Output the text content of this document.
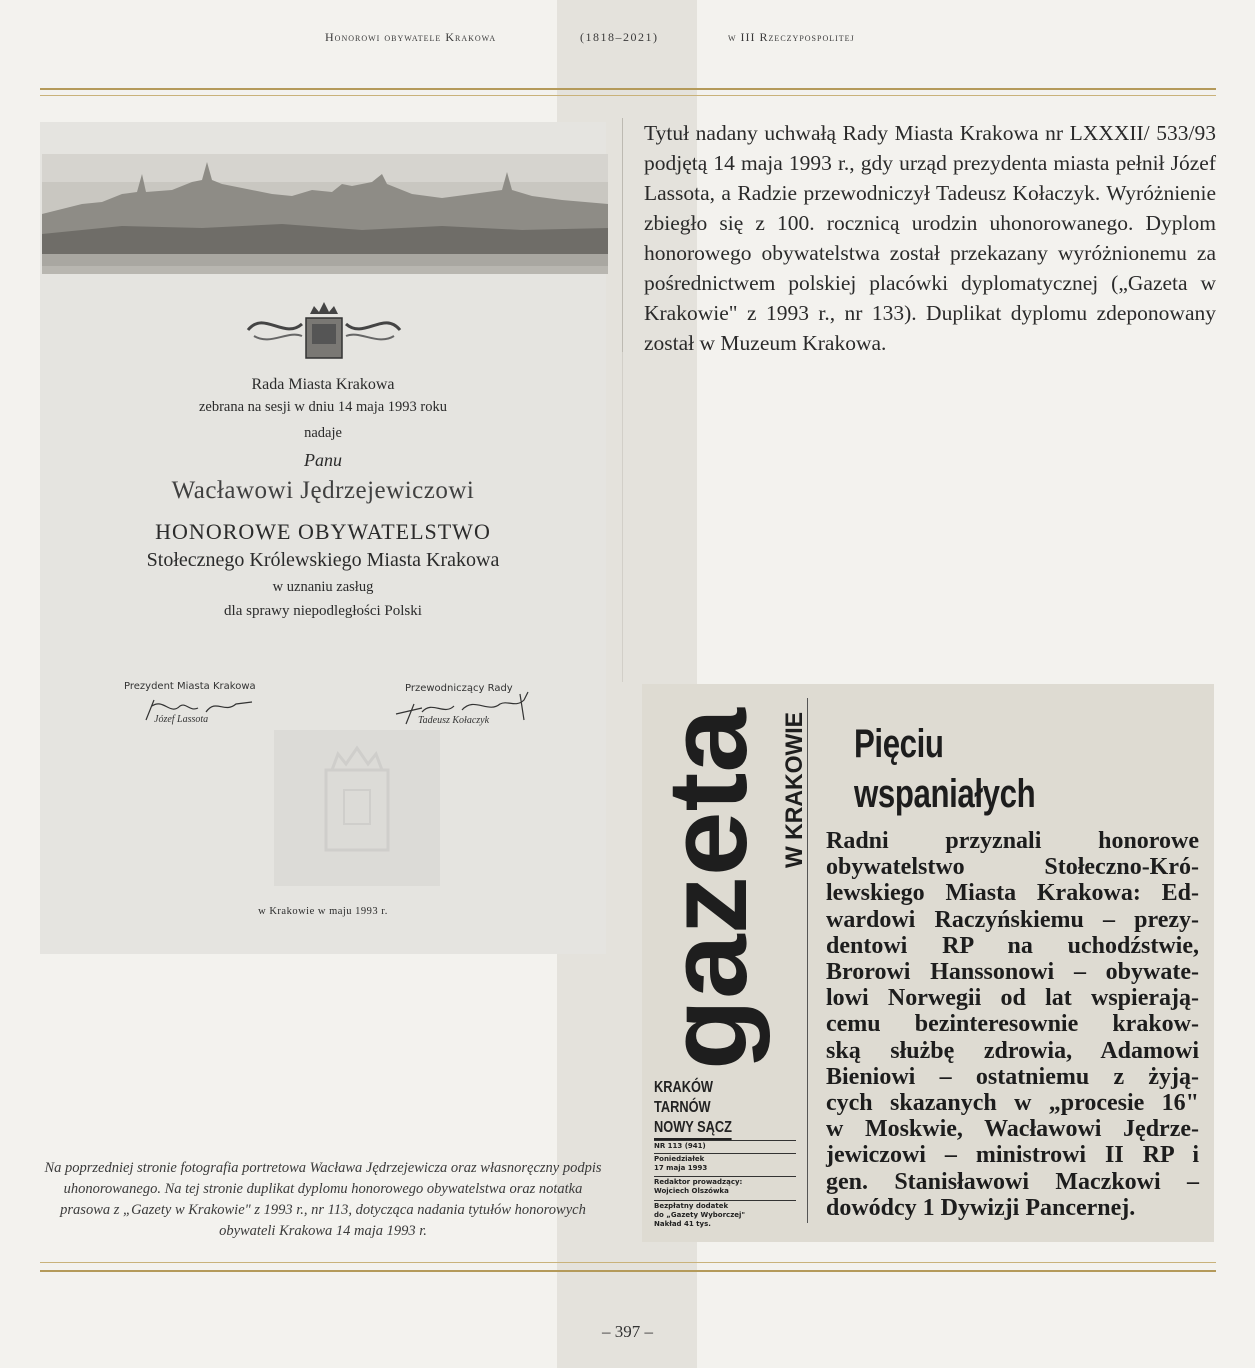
Honorowi obywatele Krakowa	(1818–2021)	w III Rzeczypospolitej
Rada Miasta Krakowa
zebrana na sesji w dniu 14 maja 1993 roku
nadaje
Panu
Wacławowi Jędrzejewiczowi
HONOROWE OBYWATELSTWO
Stołecznego Królewskiego Miasta Krakowa
w uznaniu zasług
dla sprawy niepodległości Polski
Prezydent Miasta Krakowa
Józef Lassota
Przewodniczący Rady
Tadeusz Kołaczyk
w Krakowie w maju 1993 r.
Tytuł nadany uchwałą Rady Miasta Krakowa nr LXXXII/ 533/93 podjętą 14 maja 1993 r., gdy urząd prezydenta miasta pełnił Józef Lassota, a Radzie przewodniczył Tadeusz Kołaczyk. Wyróżnienie zbiegło się z 100. rocznicą urodzin uhonorowanego. Dyplom honorowego obywatelstwa został przekazany wyróżnionemu za pośrednictwem polskiej placówki dyplomatycznej („Gazeta w Krakowie" z 1993 r., nr 133). Duplikat dyplomu zdeponowany został w Muzeum Krakowa.
Na poprzedniej stronie fotografia portretowa Wacława Jędrzejewicza oraz własnoręczny podpis uhonorowanego. Na tej stronie duplikat dyplomu honorowego obywatelstwa oraz notatka prasowa z „Gazety w Krakowie" z 1993 r., nr 113, dotycząca nadania tytułów honorowych obywateli Krakowa 14 maja 1993 r.
gazeta W KRAKOWIE
KRAKÓW
TARNÓW
NOWY SĄCZ
NR 113 (941)
Poniedziałek
17 maja 1993
Redaktor prowadzący:
Wojciech Olszówka
Bezpłatny dodatek
do „Gazety Wyborczej"
Nakład 41 tys.
Pięciu
wspaniałych
Radni przyznali honorowe
obywatelstwo Stołeczno-Kró-
lewskiego Miasta Krakowa: Ed-
wardowi Raczyńskiemu – prezy-
dentowi RP na uchodźstwie,
Brorowi Hanssonowi – obywate-
lowi Norwegii od lat wspierają-
cemu bezinteresownie krakow-
ską służbę zdrowia, Adamowi
Bieniowi – ostatniemu z żyją-
cych skazanych w „procesie 16"
w Moskwie, Wacławowi Jędrze-
jewiczowi – ministrowi II RP i
gen. Stanisławowi Maczkowi –
dowódcy 1 Dywizji Pancernej.
– 397 –
